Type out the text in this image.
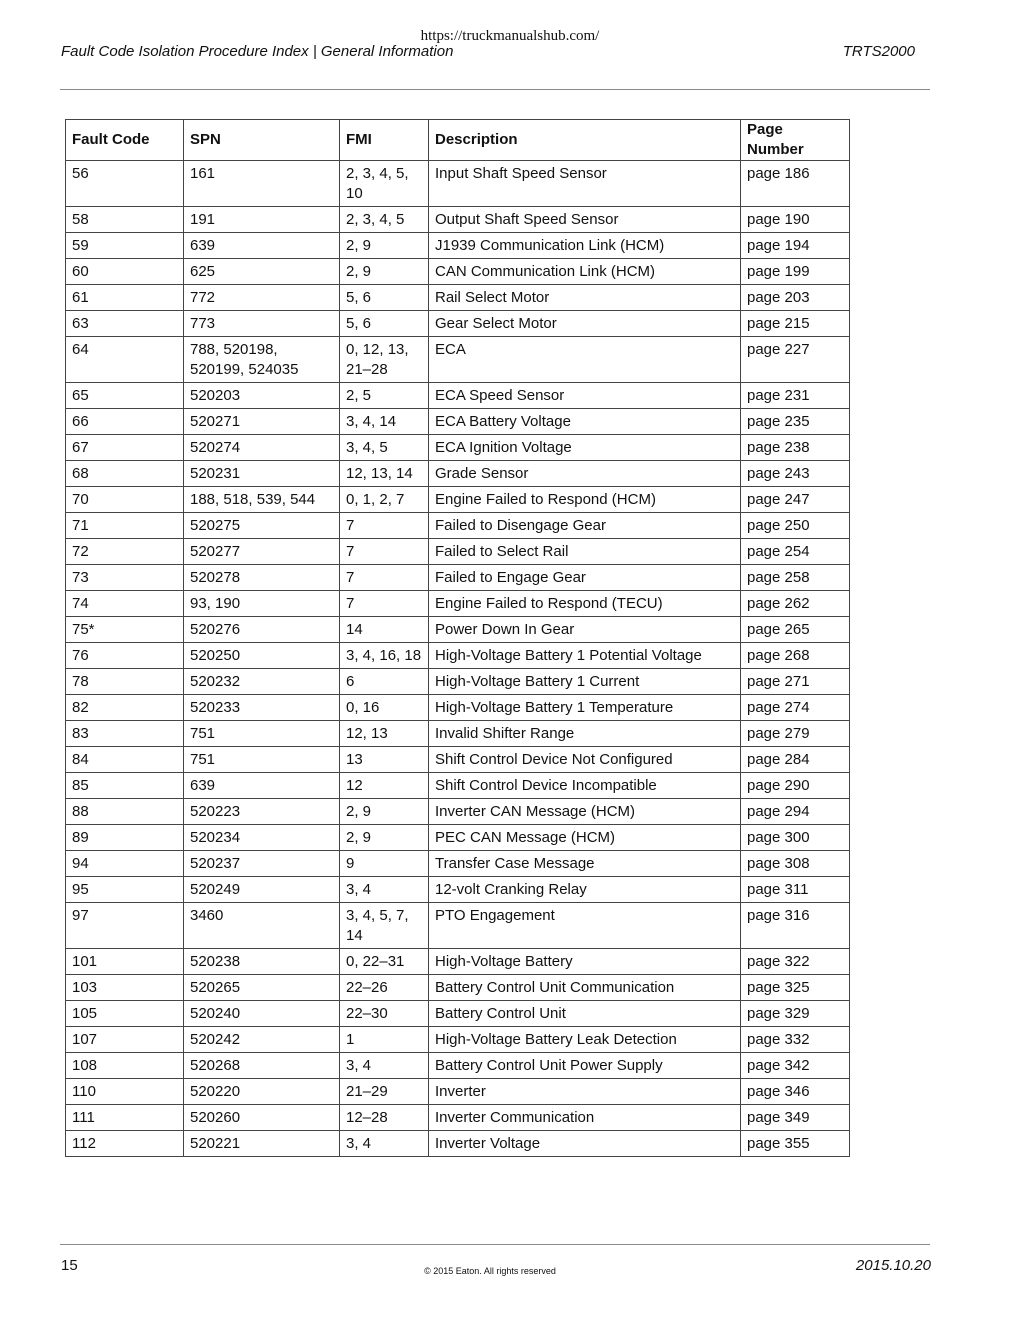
https://truckmanualshub.com/
Fault Code Isolation Procedure Index | General Information	TRTS2000
Fault Code	SPN	FMI	Description	Page Number
56	161	2, 3, 4, 5, 10	Input Shaft Speed Sensor	page 186
58	191	2, 3, 4, 5	Output Shaft Speed Sensor	page 190
59	639	2, 9	J1939 Communication Link (HCM)	page 194
60	625	2, 9	CAN Communication Link (HCM)	page 199
61	772	5, 6	Rail Select Motor	page 203
63	773	5, 6	Gear Select Motor	page 215
64	788, 520198, 520199, 524035	0, 12, 13, 21–28	ECA	page 227
65	520203	2, 5	ECA Speed Sensor	page 231
66	520271	3, 4, 14	ECA Battery Voltage	page 235
67	520274	3, 4, 5	ECA Ignition Voltage	page 238
68	520231	12, 13, 14	Grade Sensor	page 243
70	188, 518, 539, 544	0, 1, 2, 7	Engine Failed to Respond (HCM)	page 247
71	520275	7	Failed to Disengage Gear	page 250
72	520277	7	Failed to Select Rail	page 254
73	520278	7	Failed to Engage Gear	page 258
74	93, 190	7	Engine Failed to Respond (TECU)	page 262
75*	520276	14	Power Down In Gear	page 265
76	520250	3, 4, 16, 18	High-Voltage Battery 1 Potential Voltage	page 268
78	520232	6	High-Voltage Battery 1 Current	page 271
82	520233	0, 16	High-Voltage Battery 1 Temperature	page 274
83	751	12, 13	Invalid Shifter Range	page 279
84	751	13	Shift Control Device Not Configured	page 284
85	639	12	Shift Control Device Incompatible	page 290
88	520223	2, 9	Inverter CAN Message (HCM)	page 294
89	520234	2, 9	PEC CAN Message (HCM)	page 300
94	520237	9	Transfer Case Message	page 308
95	520249	3, 4	12-volt Cranking Relay	page 311
97	3460	3, 4, 5, 7, 14	PTO Engagement	page 316
101	520238	0, 22–31	High-Voltage Battery	page 322
103	520265	22–26	Battery Control Unit Communication	page 325
105	520240	22–30	Battery Control Unit	page 329
107	520242	1	High-Voltage Battery Leak Detection	page 332
108	520268	3, 4	Battery Control Unit Power Supply	page 342
110	520220	21–29	Inverter	page 346
111	520260	12–28	Inverter Communication	page 349
112	520221	3, 4	Inverter Voltage	page 355
15	© 2015 Eaton. All rights reserved	2015.10.20
